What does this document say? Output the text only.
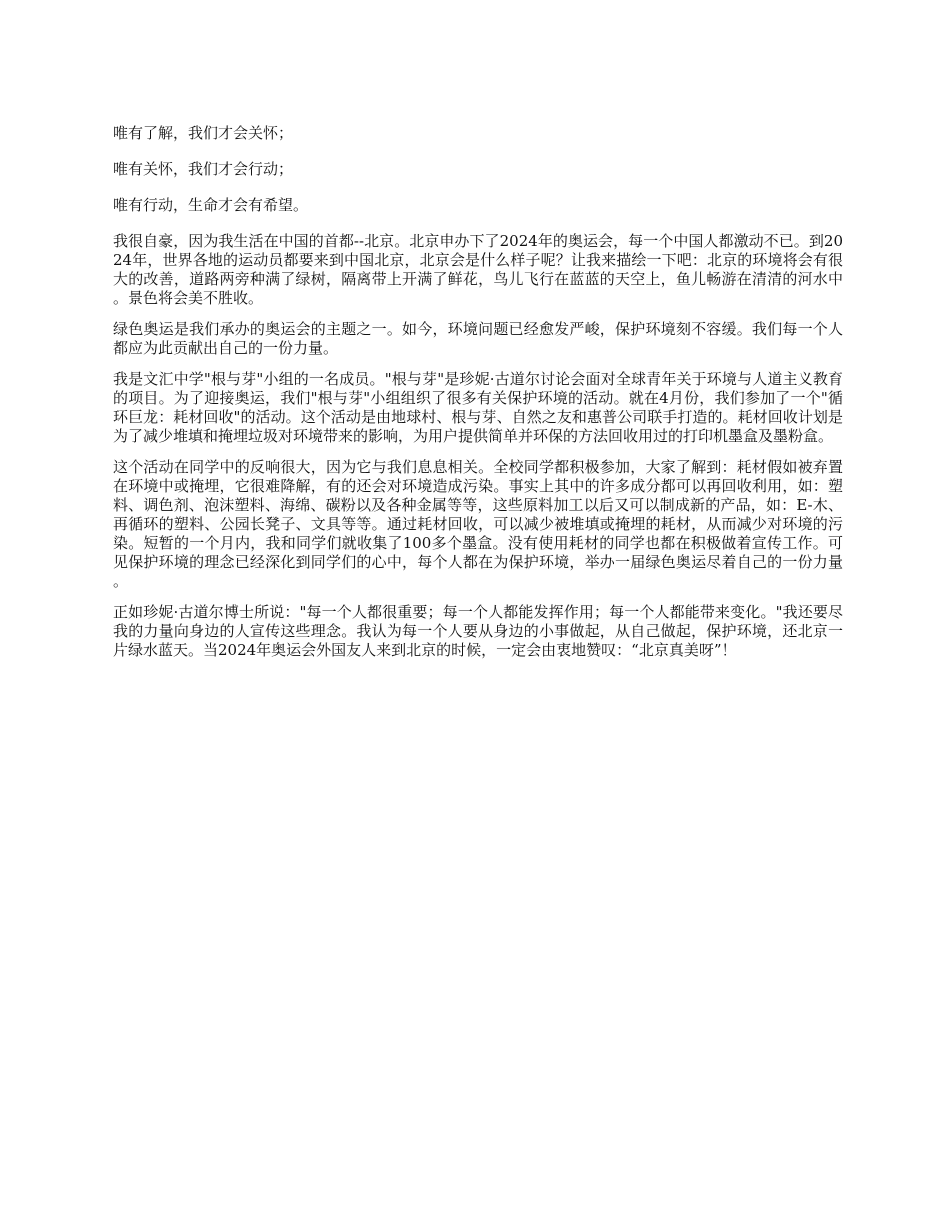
唯有了解，我们才会关怀；

唯有关怀，我们才会行动；

唯有行动，生命才会有希望。

我很自豪，因为我生活在中国的首都--北京。北京申办下了2024年的奥运会，每一个中国人都激动不已。到2024年，世界各地的运动员都要来到中国北京，北京会是什么样子呢？让我来描绘一下吧：北京的环境将会有很大的改善，道路两旁种满了绿树，隔离带上开满了鲜花，鸟儿飞行在蓝蓝的天空上，鱼儿畅游在清清的河水中。景色将会美不胜收。

绿色奥运是我们承办的奥运会的主题之一。如今，环境问题已经愈发严峻，保护环境刻不容缓。我们每一个人都应为此贡献出自己的一份力量。

我是文汇中学"根与芽"小组的一名成员。"根与芽"是珍妮·古道尔讨论会面对全球青年关于环境与人道主义教育的项目。为了迎接奥运，我们"根与芽"小组组织了很多有关保护环境的活动。就在4月份，我们参加了一个"循环巨龙：耗材回收"的活动。这个活动是由地球村、根与芽、自然之友和惠普公司联手打造的。耗材回收计划是为了减少堆填和掩埋垃圾对环境带来的影响，为用户提供简单并环保的方法回收用过的打印机墨盒及墨粉盒。

这个活动在同学中的反响很大，因为它与我们息息相关。全校同学都积极参加，大家了解到：耗材假如被弃置在环境中或掩埋，它很难降解，有的还会对环境造成污染。事实上其中的许多成分都可以再回收利用，如：塑料、调色剂、泡沫塑料、海绵、碳粉以及各种金属等等，这些原料加工以后又可以制成新的产品，如：E-木、再循环的塑料、公园长凳子、文具等等。通过耗材回收，可以减少被堆填或掩埋的耗材，从而减少对环境的污染。短暂的一个月内，我和同学们就收集了100多个墨盒。没有使用耗材的同学也都在积极做着宣传工作。可见保护环境的理念已经深化到同学们的心中，每个人都在为保护环境，举办一届绿色奥运尽着自己的一份力量。

正如珍妮·古道尔博士所说："每一个人都很重要；每一个人都能发挥作用；每一个人都能带来变化。"我还要尽我的力量向身边的人宣传这些理念。我认为每一个人要从身边的小事做起，从自己做起，保护环境，还北京一片绿水蓝天。当2024年奥运会外国友人来到北京的时候，一定会由衷地赞叹：“北京真美呀”！
